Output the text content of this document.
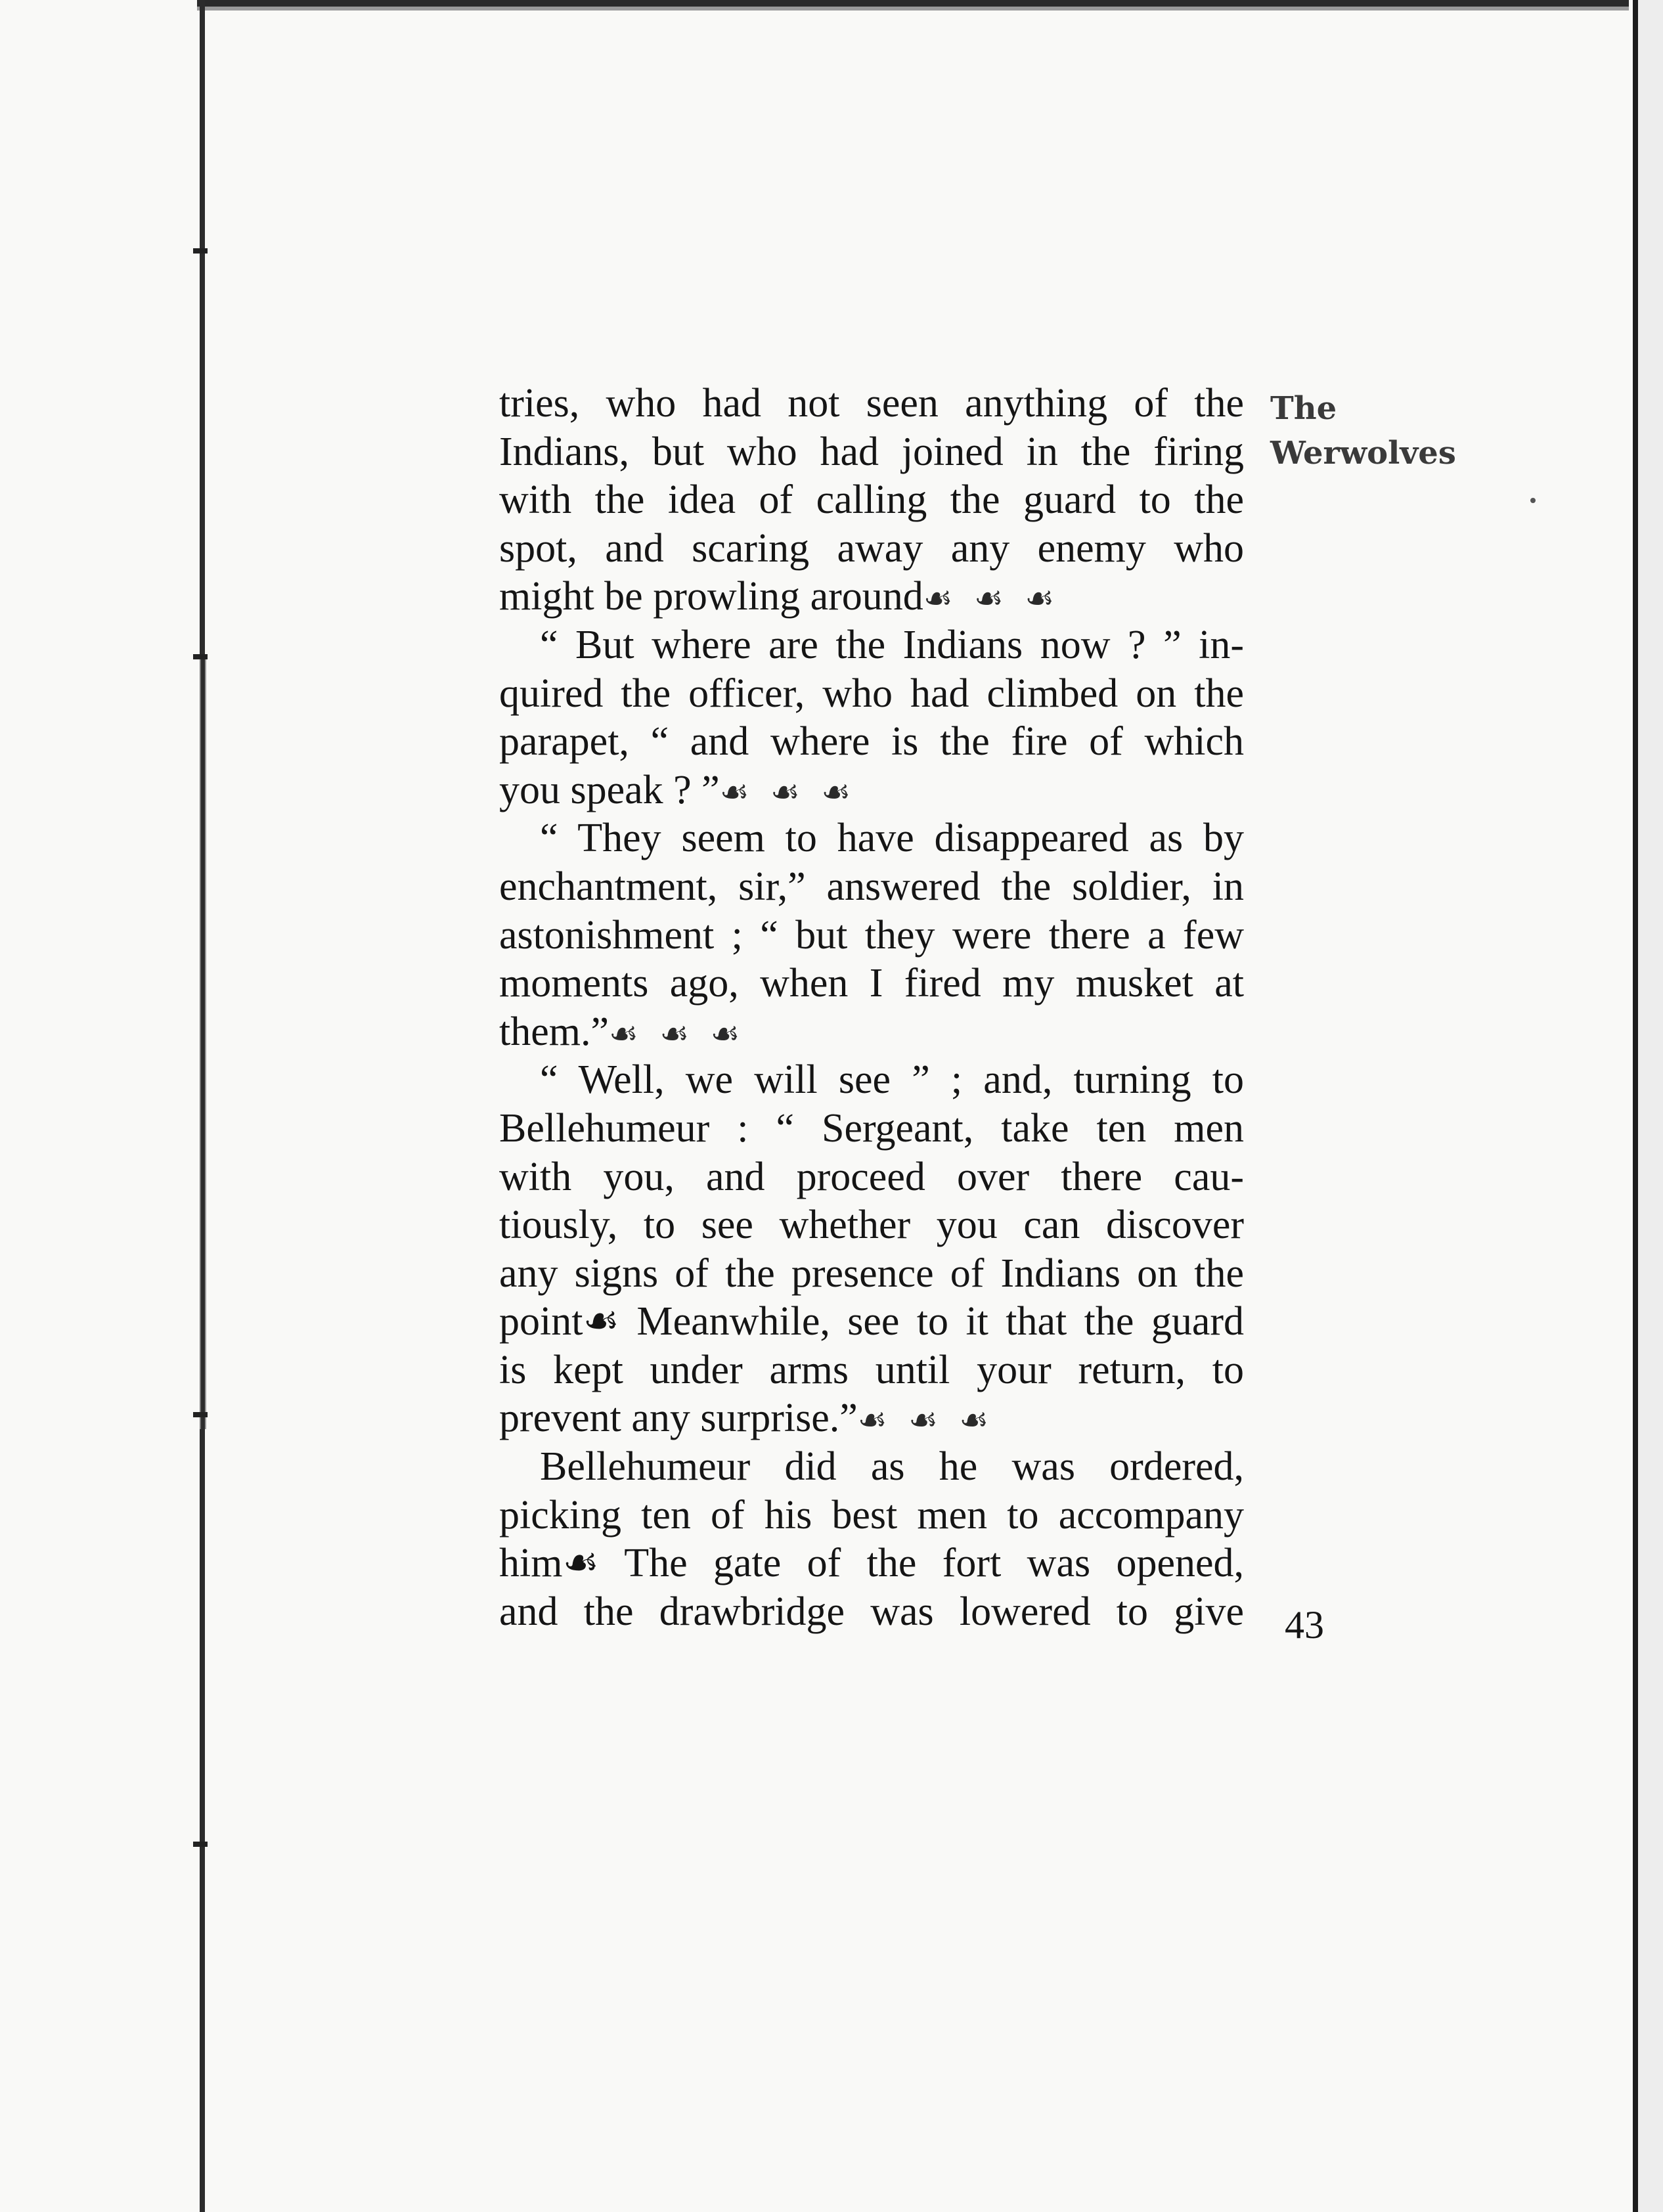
The
Werwolves
tries, who had not seen anything of the
Indians, but who had joined in the firing
with the idea of calling the guard to the
spot, and scaring away any enemy who
might be prowling around☙ ☙ ☙
“ But where are the Indians now ? ” in-
quired the officer, who had climbed on the
parapet, “ and where is the fire of which
you speak ? ”☙ ☙ ☙
“ They seem to have disappeared as by
enchantment, sir,” answered the soldier, in
astonishment ; “ but they were there a few
moments ago, when I fired my musket at
them.”☙ ☙ ☙
“ Well, we will see ” ; and, turning to
Bellehumeur : “ Sergeant, take ten men
with you, and proceed over there cau-
tiously, to see whether you can discover
any signs of the presence of Indians on the
point☙ Meanwhile, see to it that the guard
is kept under arms until your return, to
prevent any surprise.”☙ ☙ ☙
Bellehumeur did as he was ordered,
picking ten of his best men to accompany
him☙ The gate of the fort was opened,
and the drawbridge was lowered to give 43
